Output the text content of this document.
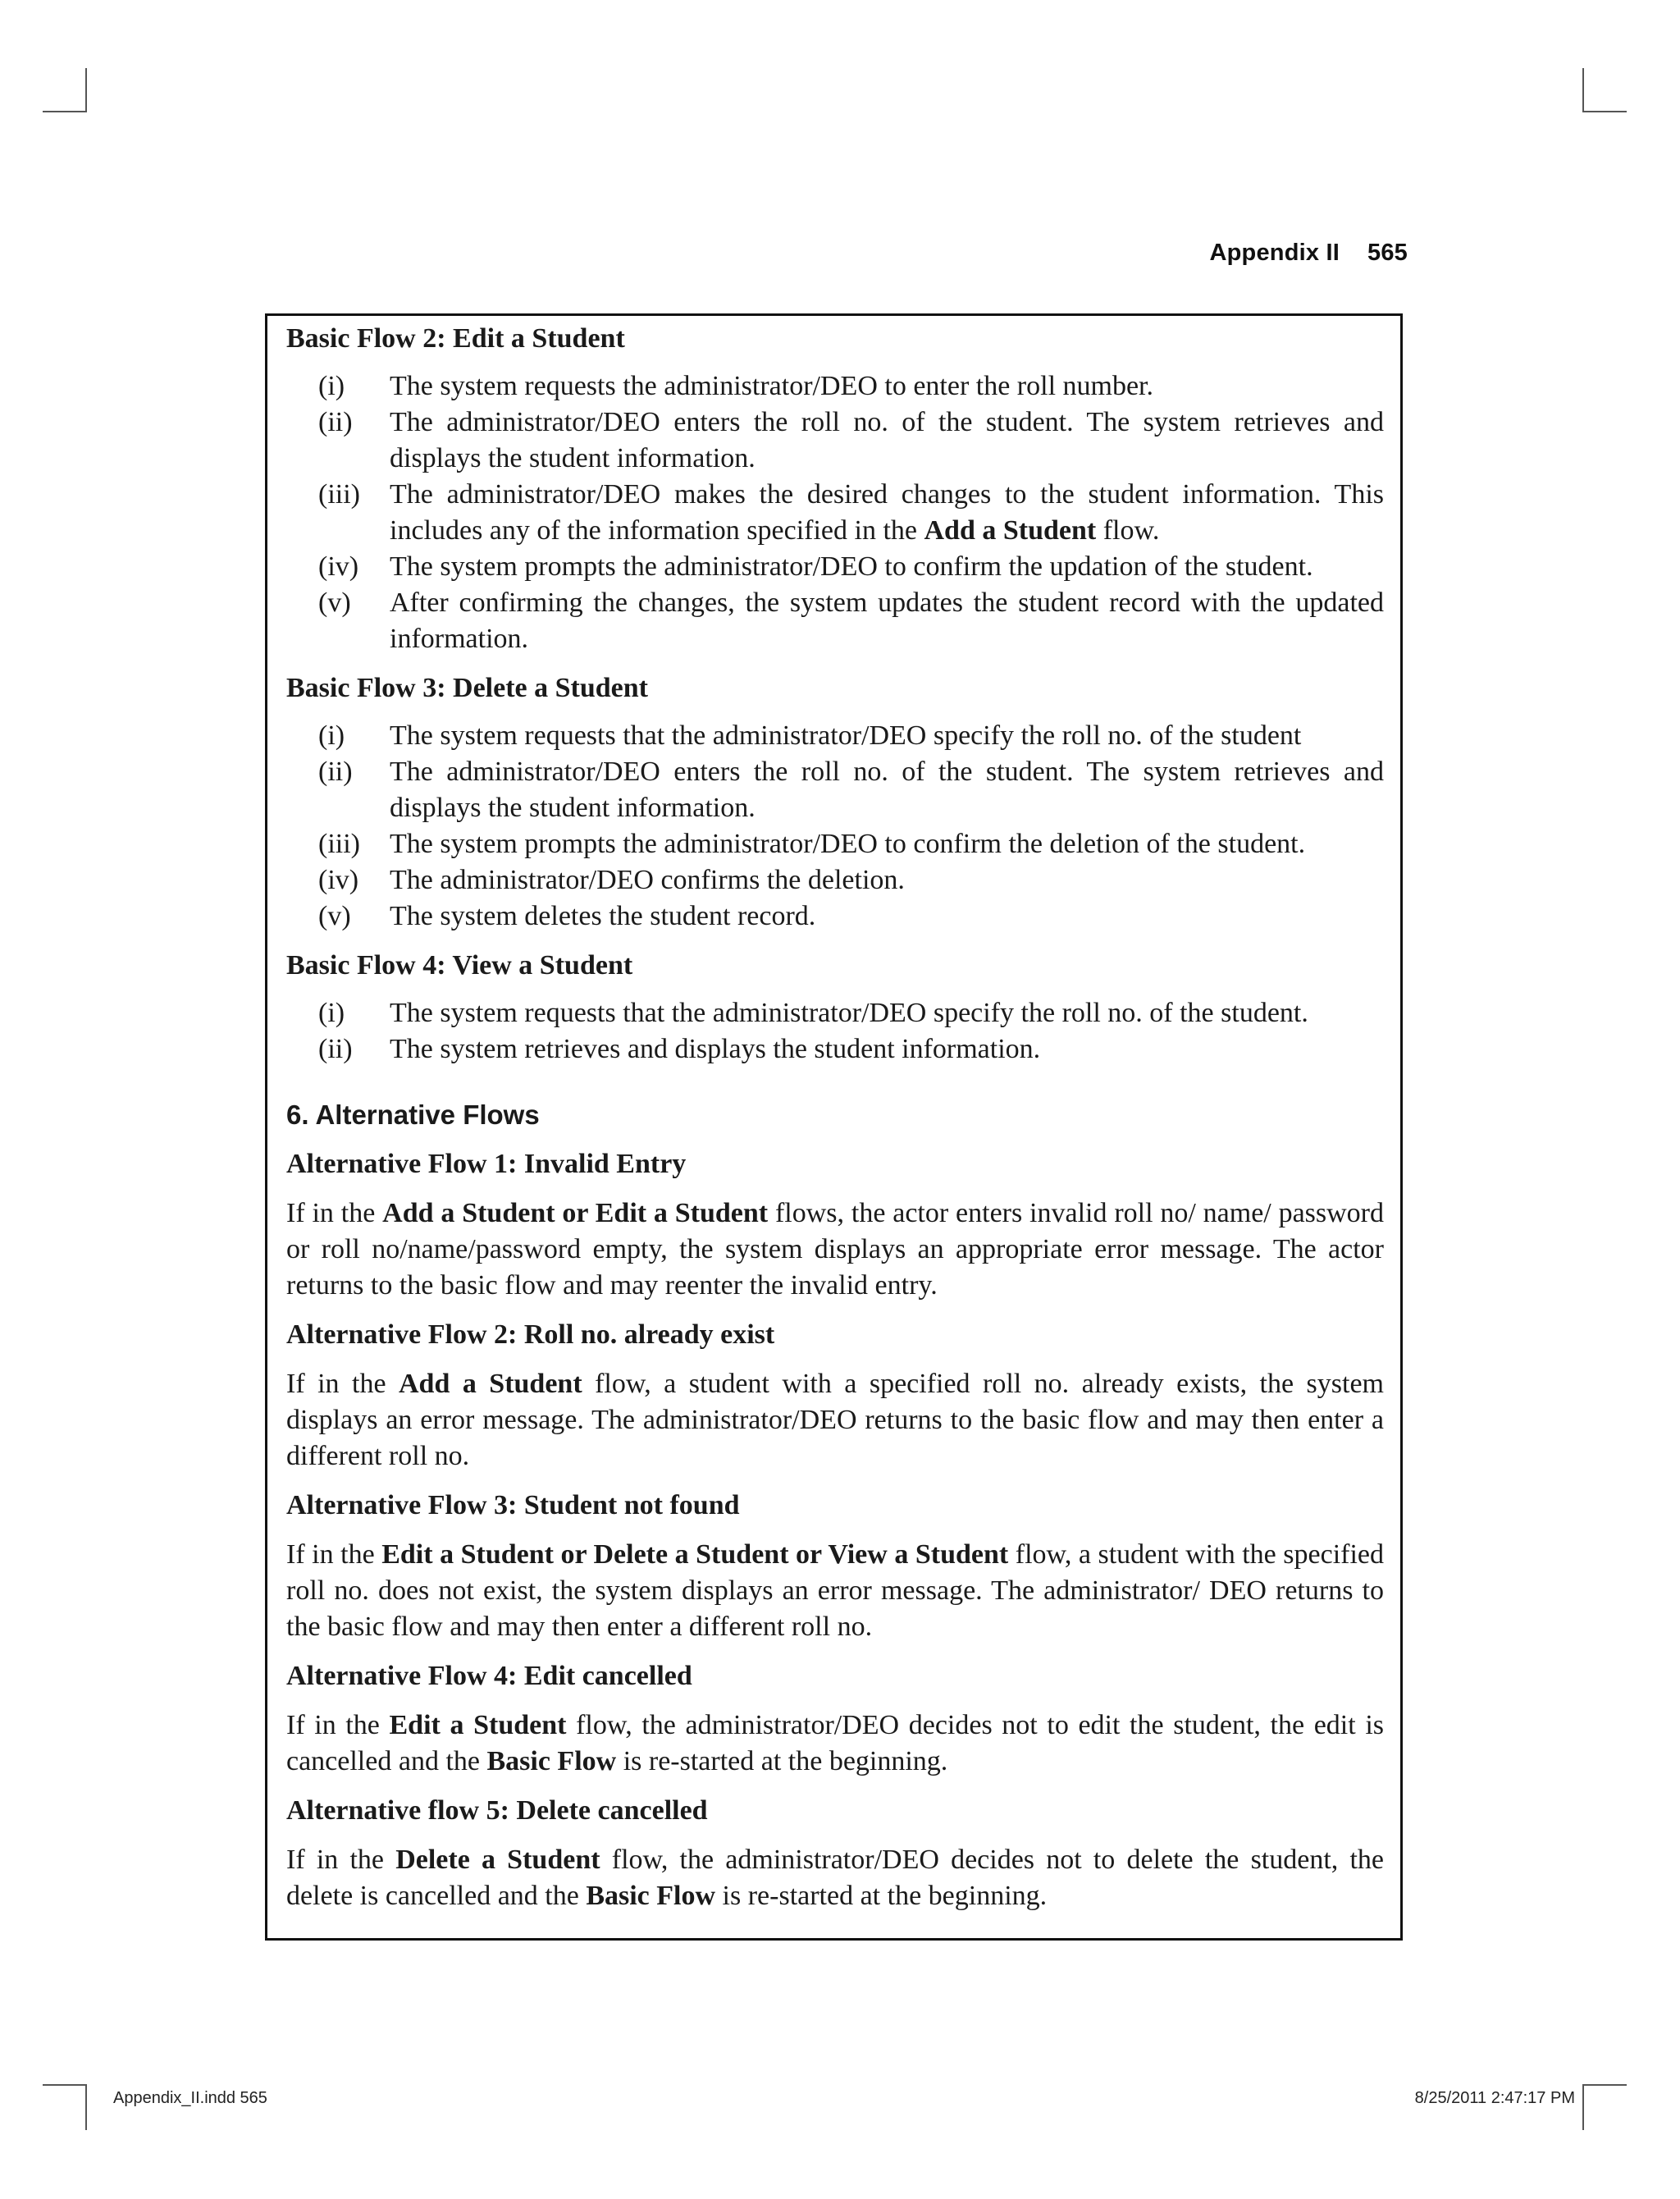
Appendix II 565

Basic Flow 2: Edit a Student

(i)	The system requests the administrator/DEO to enter the roll number.
(ii)	The administrator/DEO enters the roll no. of the student. The system retrieves and displays the student information.
(iii)	The administrator/DEO makes the desired changes to the student information. This includes any of the information specified in the Add a Student flow.
(iv)	The system prompts the administrator/DEO to confirm the updation of the student.
(v)	After confirming the changes, the system updates the student record with the updated information.

Basic Flow 3: Delete a Student

(i)	The system requests that the administrator/DEO specify the roll no. of the student
(ii)	The administrator/DEO enters the roll no. of the student. The system retrieves and displays the student information.
(iii)	The system prompts the administrator/DEO to confirm the deletion of the student.
(iv)	The administrator/DEO confirms the deletion.
(v)	The system deletes the student record.

Basic Flow 4: View a Student

(i)	The system requests that the administrator/DEO specify the roll no. of the student.
(ii)	The system retrieves and displays the student information.

6. Alternative Flows

Alternative Flow 1: Invalid Entry

If in the Add a Student or Edit a Student flows, the actor enters invalid roll no/ name/ password or roll no/name/password empty, the system displays an appropriate error message. The actor returns to the basic flow and may reenter the invalid entry.

Alternative Flow 2: Roll no. already exist

If in the Add a Student flow, a student with a specified roll no. already exists, the system displays an error message. The administrator/DEO returns to the basic flow and may then enter a different roll no.

Alternative Flow 3: Student not found

If in the Edit a Student or Delete a Student or View a Student flow, a student with the specified roll no. does not exist, the system displays an error message. The administrator/ DEO returns to the basic flow and may then enter a different roll no.

Alternative Flow 4: Edit cancelled

If in the Edit a Student flow, the administrator/DEO decides not to edit the student, the edit is cancelled and the Basic Flow is re-started at the beginning.

Alternative flow 5: Delete cancelled

If in the Delete a Student flow, the administrator/DEO decides not to delete the student, the delete is cancelled and the Basic Flow is re-started at the beginning.

Appendix_II.indd 565	8/25/2011 2:47:17 PM
